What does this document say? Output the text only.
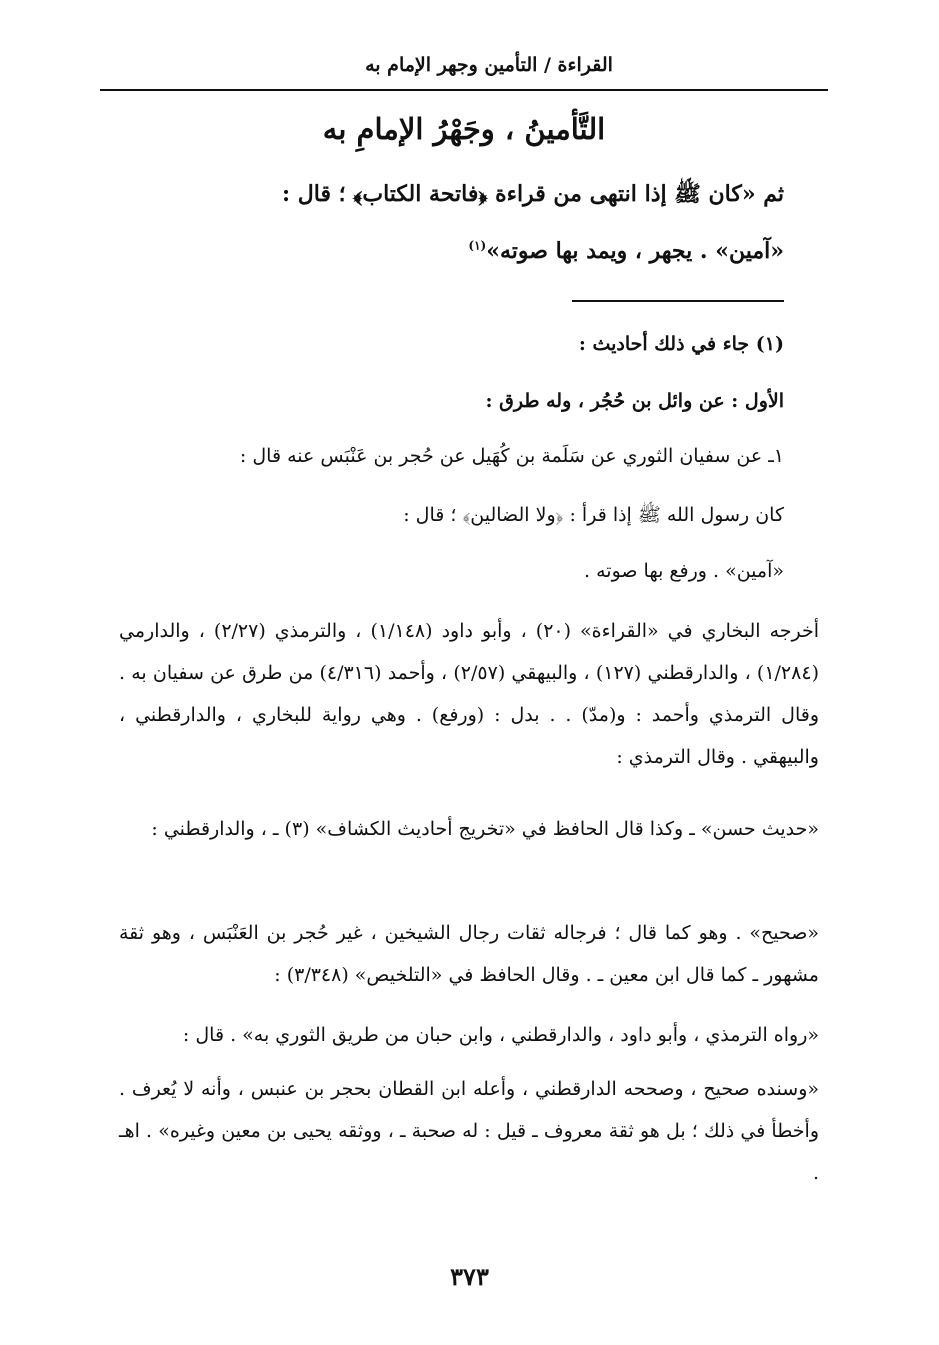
القراءة / التأمين وجهر الإمام به
التَّأمينُ ، وجَهْرُ الإمامِ به
ثم «كان ﷺ إذا انتهى من قراءة ﴿فاتحة الكتاب﴾ ؛ قال :
«آمين» . يجهر ، ويمد بها صوته»$^{(١)}$
(١) جاء في ذلك أحاديث :
الأول : عن وائل بن حُجُر ، وله طرق :
١ـ عن سفيان الثوري عن سَلَمة بن كُهَيل عن حُجر بن عَنْبَس عنه قال :
كان رسول الله ﷺ إذا قرأ : ﴿ولا الضالين﴾ ؛ قال :
«آمين» . ورفع بها صوته .
أخرجه البخاري في «القراءة» (٢٠) ، وأبو داود (١/١٤٨) ، والترمذي (٢/٢٧) ، والدارمي (١/٢٨٤) ، والدارقطني (١٢٧) ، والبيهقي (٢/٥٧) ، وأحمد (٤/٣١٦) من طرق عن سفيان به . وقال الترمذي وأحمد : و(مدّ) . . بدل : (ورفع) . وهي رواية للبخاري ، والدارقطني ، والبيهقي . وقال الترمذي :
«حديث حسن» ـ وكذا قال الحافظ في «تخريج أحاديث الكشاف» (٣) ـ ، والدارقطني :
«صحيح» . وهو كما قال ؛ فرجاله ثقات رجال الشيخين ، غير حُجر بن العَنْبَس ، وهو ثقة مشهور ـ كما قال ابن معين ـ . وقال الحافظ في «التلخيص» (٣/٣٤٨) :
«رواه الترمذي ، وأبو داود ، والدارقطني ، وابن حبان من طريق الثوري به» . قال :
«وسنده صحيح ، وصححه الدارقطني ، وأعله ابن القطان بحجر بن عنبس ، وأنه لا يُعرف . وأخطأ في ذلك ؛ بل هو ثقة معروف ـ قيل : له صحبة ـ ، ووثقه يحيى بن معين وغيره» . اهـ .
٣٧٣
